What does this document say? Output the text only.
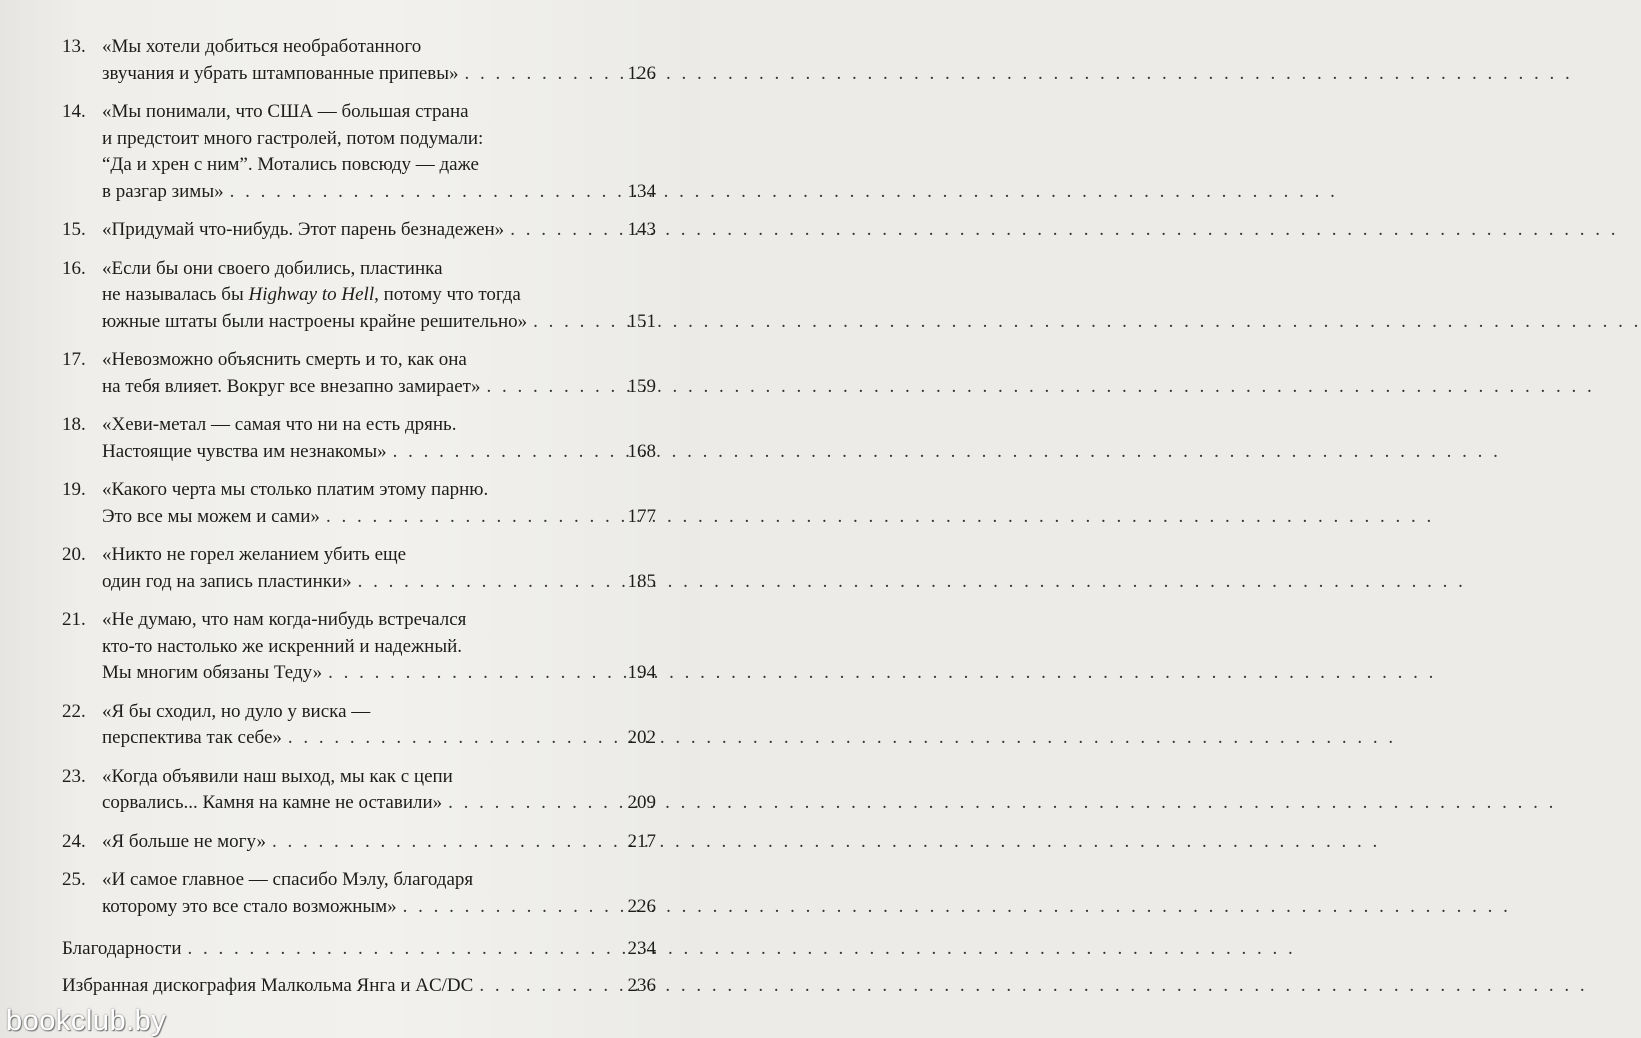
13. «Мы хотели добиться необработанного
звучания и убрать штампованные припевы» . . .	126
14. «Мы понимали, что США — большая страна
и предстоит много гастролей, потом подумали:
“Да и хрен с ним”. Мотались повсюду — даже
в разгар зимы» . . .	134
15. «Придумай что-нибудь. Этот парень безнадежен» . . .	143
16. «Если бы они своего добились, пластинка
не называлась бы Highway to Hell, потому что тогда
южные штаты были настроены крайне решительно» . . .	151
17. «Невозможно объяснить смерть и то, как она
на тебя влияет. Вокруг все внезапно замирает» . . .	159
18. «Хеви-метал — самая что ни на есть дрянь.
Настоящие чувства им незнакомы» . . .	168
19. «Какого черта мы столько платим этому парню.
Это все мы можем и сами» . . .	177
20. «Никто не горел желанием убить еще
один год на запись пластинки» . . .	185
21. «Не думаю, что нам когда-нибудь встречался
кто-то настолько же искренний и надежный.
Мы многим обязаны Теду» . . .	194
22. «Я бы сходил, но дуло у виска —
перспектива так себе» . . .	202
23. «Когда объявили наш выход, мы как с цепи
сорвались... Камня на камне не оставили» . . .	209
24. «Я больше не могу» . . .	217
25. «И самое главное — спасибо Мэлу, благодаря
которому это все стало возможным» . . .	226
Благодарности . . .	234
Избранная дискография Малкольма Янга и AC/DC . . .	236
bookclub.by
